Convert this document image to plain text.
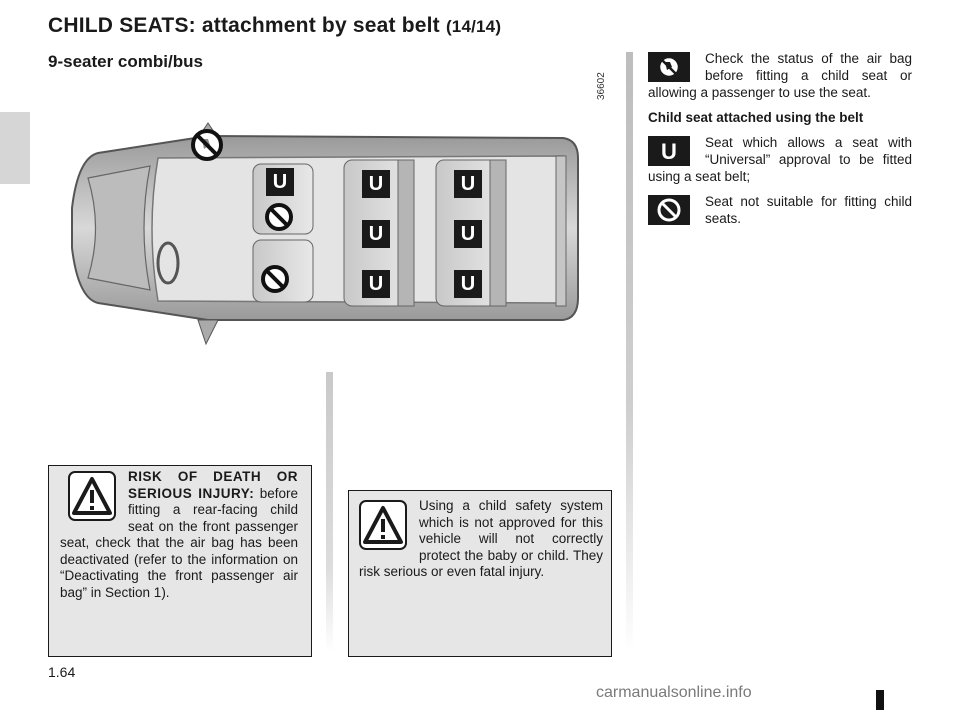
CHILD SEATS: attachment by seat belt (14/14)
9-seater combi/bus
U	U
U
U
U
U
U
36602
Check the status of the air bag before fitting a child seat or allowing a passenger to use the seat.
Child seat attached using the belt
U Seat which allows a seat with “Universal” approval to be fitted using a seat belt;
Seat not suitable for fitting child seats.

RISK OF DEATH OR SERIOUS INJURY: before fitting a rear-facing child seat on the front passenger seat, check that the air bag has been deactivated (refer to the information on “Deactivating the front passenger air bag” in Section 1).

Using a child safety system which is not approved for this vehicle will not correctly protect the baby or child. They risk serious or even fatal injury.

1.64
carmanualsonline.info
